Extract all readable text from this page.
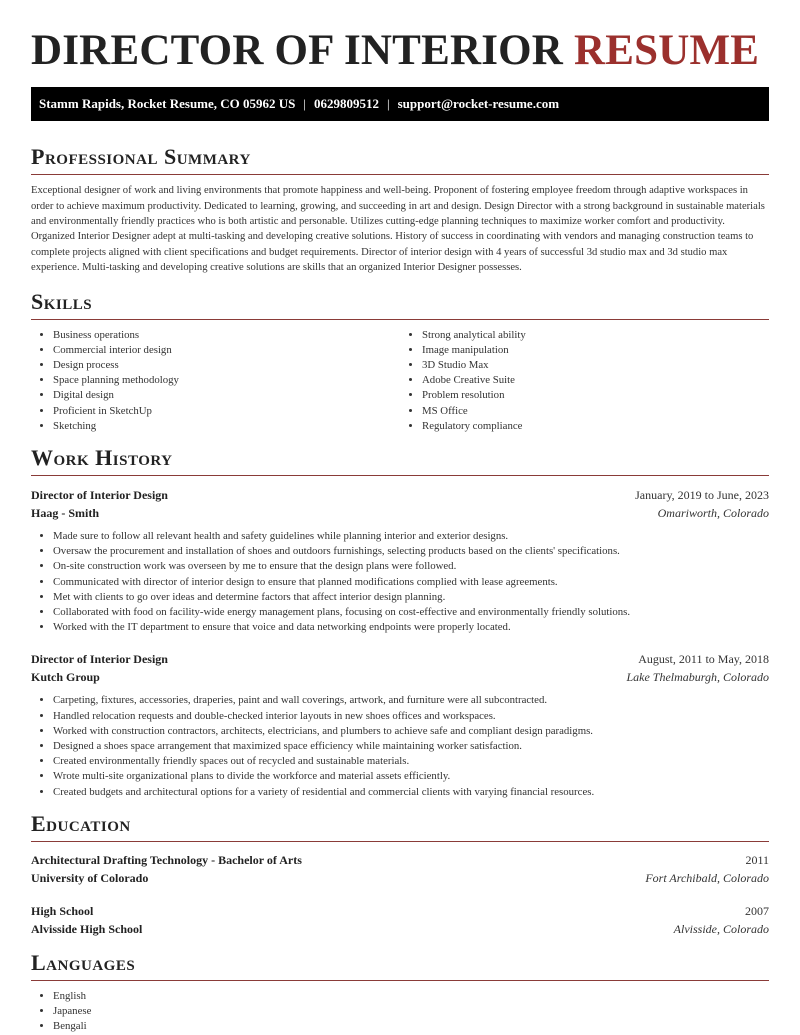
DIRECTOR OF INTERIOR RESUME
Stamm Rapids, Rocket Resume, CO 05962 US | 0629809512 | support@rocket-resume.com
Professional Summary

Exceptional designer of work and living environments that promote happiness and well-being. Proponent of fostering employee freedom through adaptive workspaces in order to achieve maximum productivity. Dedicated to learning, growing, and succeeding in art and design. Design Director with a strong background in sustainable materials and environmentally friendly practices who is both artistic and personable. Utilizes cutting-edge planning techniques to maximize worker comfort and productivity. Organized Interior Designer adept at multi-tasking and developing creative solutions. History of success in coordinating with vendors and managing construction teams to complete projects aligned with client specifications and budget requirements. Director of interior design with 4 years of successful 3d studio max and 3d studio max experience. Multi-tasking and developing creative solutions are skills that an organized Interior Designer possesses.

Skills
• Business operations
• Commercial interior design
• Design process
• Space planning methodology
• Digital design
• Proficient in SketchUp
• Sketching
• Strong analytical ability
• Image manipulation
• 3D Studio Max
• Adobe Creative Suite
• Problem resolution
• MS Office
• Regulatory compliance
Work History
Director of Interior Design	January, 2019 to June, 2023
Haag - Smith	Omariworth, Colorado
• Made sure to follow all relevant health and safety guidelines while planning interior and exterior designs.
• Oversaw the procurement and installation of shoes and outdoors furnishings, selecting products based on the clients' specifications.
• On-site construction work was overseen by me to ensure that the design plans were followed.
• Communicated with director of interior design to ensure that planned modifications complied with lease agreements.
• Met with clients to go over ideas and determine factors that affect interior design planning.
• Collaborated with food on facility-wide energy management plans, focusing on cost-effective and environmentally friendly solutions.
• Worked with the IT department to ensure that voice and data networking endpoints were properly located.
Director of Interior Design	August, 2011 to May, 2018
Kutch Group	Lake Thelmaburgh, Colorado
• Carpeting, fixtures, accessories, draperies, paint and wall coverings, artwork, and furniture were all subcontracted.
• Handled relocation requests and double-checked interior layouts in new shoes offices and workspaces.
• Worked with construction contractors, architects, electricians, and plumbers to achieve safe and compliant design paradigms.
• Designed a shoes space arrangement that maximized space efficiency while maintaining worker satisfaction.
• Created environmentally friendly spaces out of recycled and sustainable materials.
• Wrote multi-site organizational plans to divide the workforce and material assets efficiently.
• Created budgets and architectural options for a variety of residential and commercial clients with varying financial resources.
Education
Architectural Drafting Technology - Bachelor of Arts	2011
University of Colorado	Fort Archibald, Colorado
High School	2007
Alvisside High School	Alvisside, Colorado
Languages
• English
• Japanese
• Bengali
